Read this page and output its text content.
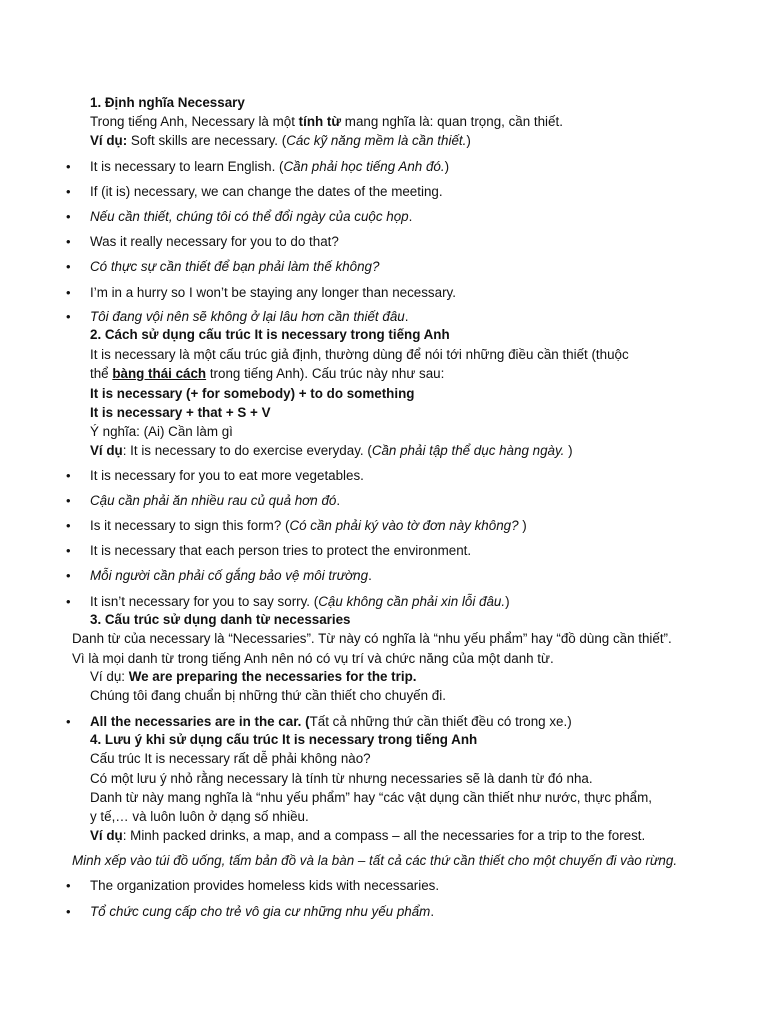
1. Định nghĩa Necessary
Trong tiếng Anh, Necessary là một tính từ mang nghĩa là: quan trọng, cần thiết.
Ví dụ: Soft skills are necessary. (Các kỹ năng mềm là cần thiết.)
• It is necessary to learn English. (Cần phải học tiếng Anh đó.)
• If (it is) necessary, we can change the dates of the meeting.
• Nếu cần thiết, chúng tôi có thể đổi ngày của cuộc họp.
• Was it really necessary for you to do that?
• Có thực sự cần thiết để bạn phải làm thế không?
• I’m in a hurry so I won’t be staying any longer than necessary.
• Tôi đang vội nên sẽ không ở lại lâu hơn cần thiết đâu.
2. Cách sử dụng cấu trúc It is necessary trong tiếng Anh
It is necessary là một cấu trúc giả định, thường dùng để nói tới những điều cần thiết (thuộc
thể bàng thái cách trong tiếng Anh). Cấu trúc này như sau:
It is necessary (+ for somebody) + to do something
It is necessary + that + S + V
Ý nghĩa: (Ai) Cần làm gì
Ví dụ: It is necessary to do exercise everyday. (Cần phải tập thể dục hàng ngày. )
• It is necessary for you to eat more vegetables.
• Cậu cần phải ăn nhiều rau củ quả hơn đó.
• Is it necessary to sign this form? (Có cần phải ký vào tờ đơn này không? )
• It is necessary that each person tries to protect the environment.
• Mỗi người cần phải cố gắng bảo vệ môi trường.
• It isn’t necessary for you to say sorry. (Cậu không cần phải xin lỗi đâu.)
3. Cấu trúc sử dụng danh từ necessaries
Danh từ của necessary là “Necessaries”. Từ này có nghĩa là “nhu yếu phẩm” hay “đồ dùng cần thiết”.
Vì là mọi danh từ trong tiếng Anh nên nó có vụ trí và chức năng của một danh từ.
Ví dụ: We are preparing the necessaries for the trip.
Chúng tôi đang chuẩn bị những thứ cần thiết cho chuyến đi.
• All the necessaries are in the car. (Tất cả những thứ cần thiết đều có trong xe.)
4. Lưu ý khi sử dụng cấu trúc It is necessary trong tiếng Anh
Cấu trúc It is necessary rất dễ phải không nào?
Có một lưu ý nhỏ rằng necessary là tính từ nhưng necessaries sẽ là danh từ đó nha.
Danh từ này mang nghĩa là “nhu yếu phẩm” hay “các vật dụng cần thiết như nước, thực phẩm,
y tế,… và luôn luôn ở dạng số nhiều.
Ví dụ: Minh packed drinks, a map, and a compass – all the necessaries for a trip to the forest.
Minh xếp vào túi đồ uống, tấm bản đồ và la bàn – tất cả các thứ cần thiết cho một chuyến đi vào rừng.
• The organization provides homeless kids with necessaries.
• Tổ chức cung cấp cho trẻ vô gia cư những nhu yếu phẩm.
